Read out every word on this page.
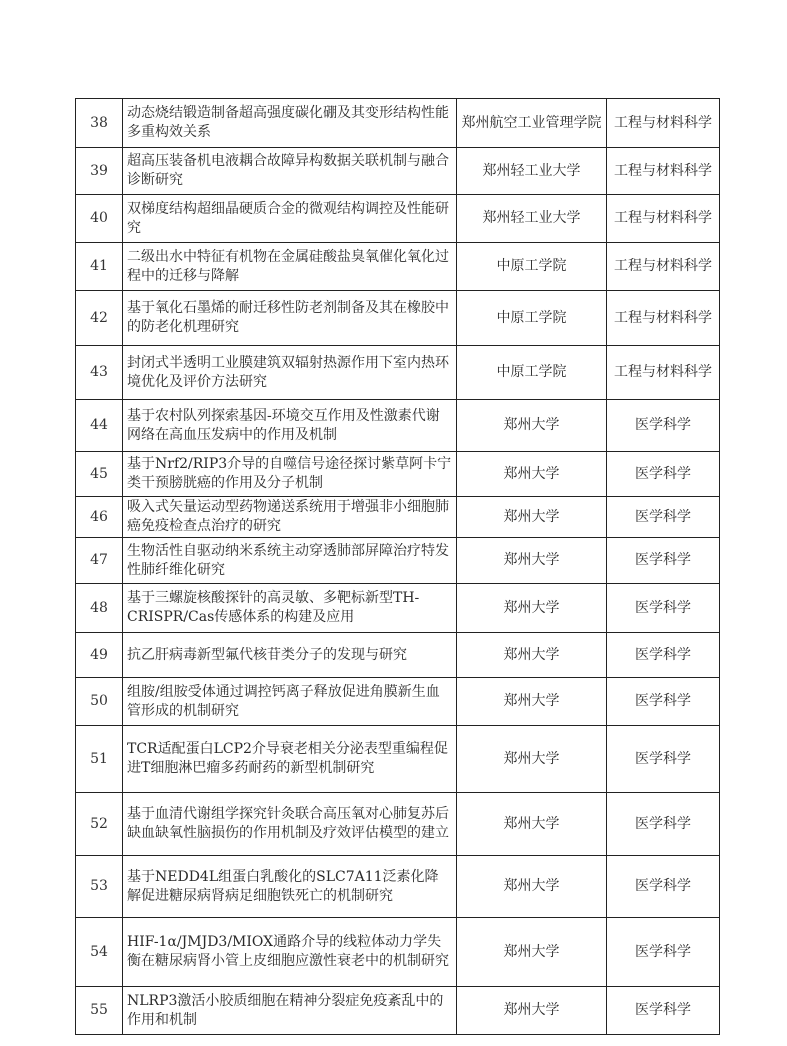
38	动态烧结锻造制备超高强度碳化硼及其变形结构性能多重构效关系	郑州航空工业管理学院	工程与材料科学
39	超高压装备机电液耦合故障异构数据关联机制与融合诊断研究	郑州轻工业大学	工程与材料科学
40	双梯度结构超细晶硬质合金的微观结构调控及性能研究	郑州轻工业大学	工程与材料科学
41	二级出水中特征有机物在金属硅酸盐臭氧催化氧化过程中的迁移与降解	中原工学院	工程与材料科学
42	基于氧化石墨烯的耐迁移性防老剂制备及其在橡胶中的防老化机理研究	中原工学院	工程与材料科学
43	封闭式半透明工业膜建筑双辐射热源作用下室内热环境优化及评价方法研究	中原工学院	工程与材料科学
44	基于农村队列探索基因-环境交互作用及性激素代谢网络在高血压发病中的作用及机制	郑州大学	医学科学
45	基于Nrf2/RIP3介导的自噬信号途径探讨紫草阿卡宁类干预膀胱癌的作用及分子机制	郑州大学	医学科学
46	吸入式矢量运动型药物递送系统用于增强非小细胞肺癌免疫检查点治疗的研究	郑州大学	医学科学
47	生物活性自驱动纳米系统主动穿透肺部屏障治疗特发性肺纤维化研究	郑州大学	医学科学
48	基于三螺旋核酸探针的高灵敏、多靶标新型TH-CRISPR/Cas传感体系的构建及应用	郑州大学	医学科学
49	抗乙肝病毒新型氟代核苷类分子的发现与研究	郑州大学	医学科学
50	组胺/组胺受体通过调控钙离子释放促进角膜新生血管形成的机制研究	郑州大学	医学科学
51	TCR适配蛋白LCP2介导衰老相关分泌表型重编程促进T细胞淋巴瘤多药耐药的新型机制研究	郑州大学	医学科学
52	基于血清代谢组学探究针灸联合高压氧对心肺复苏后缺血缺氧性脑损伤的作用机制及疗效评估模型的建立	郑州大学	医学科学
53	基于NEDD4L组蛋白乳酸化的SLC7A11泛素化降解促进糖尿病肾病足细胞铁死亡的机制研究	郑州大学	医学科学
54	HIF-1α/JMJD3/MIOX通路介导的线粒体动力学失衡在糖尿病肾小管上皮细胞应激性衰老中的机制研究	郑州大学	医学科学
55	NLRP3激活小胶质细胞在精神分裂症免疫紊乱中的作用和机制	郑州大学	医学科学
